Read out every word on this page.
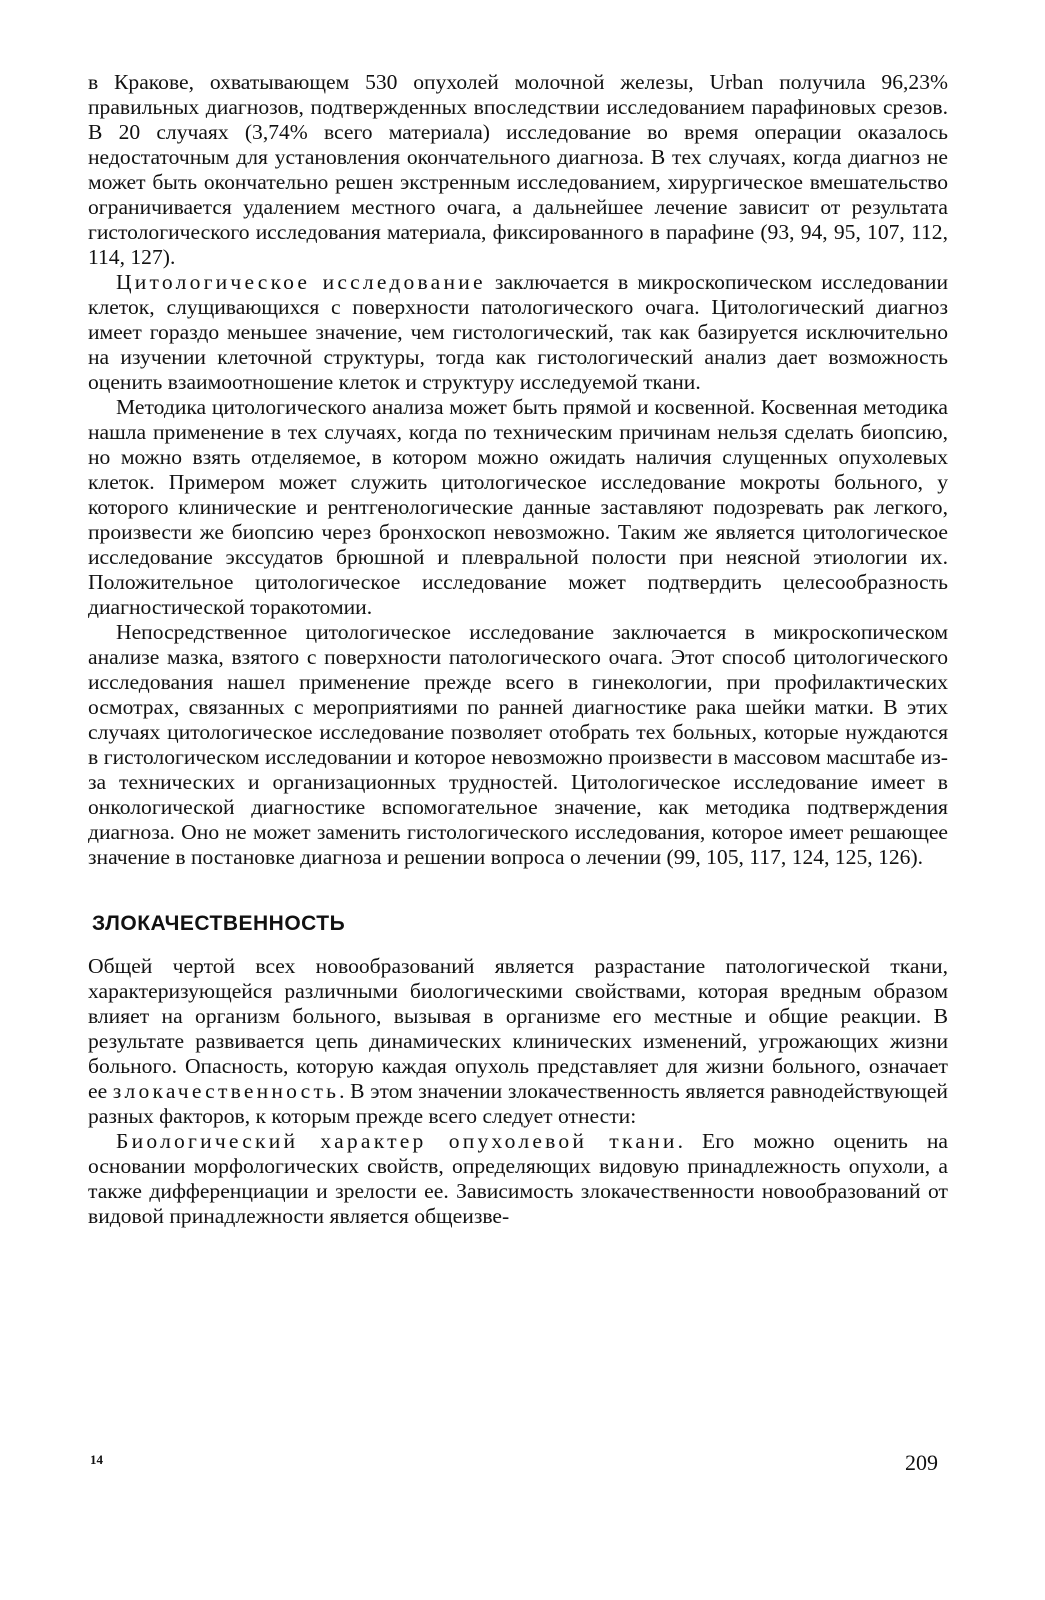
в Кракове, охватывающем 530 опухолей молочной железы, Urban получила 96,23% правильных диагнозов, подтвержденных впоследствии исследованием парафиновых срезов. В 20 случаях (3,74% всего материала) исследование во время операции оказалось недостаточным для установления окончательного диагноза. В тех случаях, когда диагноз не может быть окончательно решен экстренным исследованием, хирургическое вмешательство ограничивается удалением местного очага, а дальнейшее лечение зависит от результата гистологического исследования материала, фиксированного в парафине (93, 94, 95, 107, 112, 114, 127).

Цитологическое исследование заключается в микроскопическом исследовании клеток, слущивающихся с поверхности патологического очага. Цитологический диагноз имеет гораздо меньшее значение, чем гистологический, так как базируется исключительно на изучении клеточной структуры, тогда как гистологический анализ дает возможность оценить взаимоотношение клеток и структуру исследуемой ткани.

Методика цитологического анализа может быть прямой и косвенной. Косвенная методика нашла применение в тех случаях, когда по техническим причинам нельзя сделать биопсию, но можно взять отделяемое, в котором можно ожидать наличия слущенных опухолевых клеток. Примером может служить цитологическое исследование мокроты больного, у которого клинические и рентгенологические данные заставляют подозревать рак легкого, произвести же биопсию через бронхоскоп невозможно. Таким же является цитологическое исследование экссудатов брюшной и плевральной полости при неясной этиологии их. Положительное цитологическое исследование может подтвердить целесообразность диагностической торакотомии.

Непосредственное цитологическое исследование заключается в микроскопическом анализе мазка, взятого с поверхности патологического очага. Этот способ цитологического исследования нашел применение прежде всего в гинекологии, при профилактических осмотрах, связанных с мероприятиями по ранней диагностике рака шейки матки. В этих случаях цитологическое исследование позволяет отобрать тех больных, которые нуждаются в гистологическом исследовании и которое невозможно произвести в массовом масштабе из-за технических и организационных трудностей. Цитологическое исследование имеет в онкологической диагностике вспомогательное значение, как методика подтверждения диагноза. Оно не может заменить гистологического исследования, которое имеет решающее значение в постановке диагноза и решении вопроса о лечении (99, 105, 117, 124, 125, 126).

ЗЛОКАЧЕСТВЕННОСТЬ

Общей чертой всех новообразований является разрастание патологической ткани, характеризующейся различными биологическими свойствами, которая вредным образом влияет на организм больного, вызывая в организме его местные и общие реакции. В результате развивается цепь динамических клинических изменений, угрожающих жизни больного. Опасность, которую каждая опухоль представляет для жизни больного, означает ее злокачественность. В этом значении злокачественность является равнодействующей разных факторов, к которым прежде всего следует отнести:

Биологический характер опухолевой ткани. Его можно оценить на основании морфологических свойств, определяющих видовую принадлежность опухоли, а также дифференциации и зрелости ее. Зависимость злокачественности новообразований от видовой принадлежности является общеизве-

14	209
